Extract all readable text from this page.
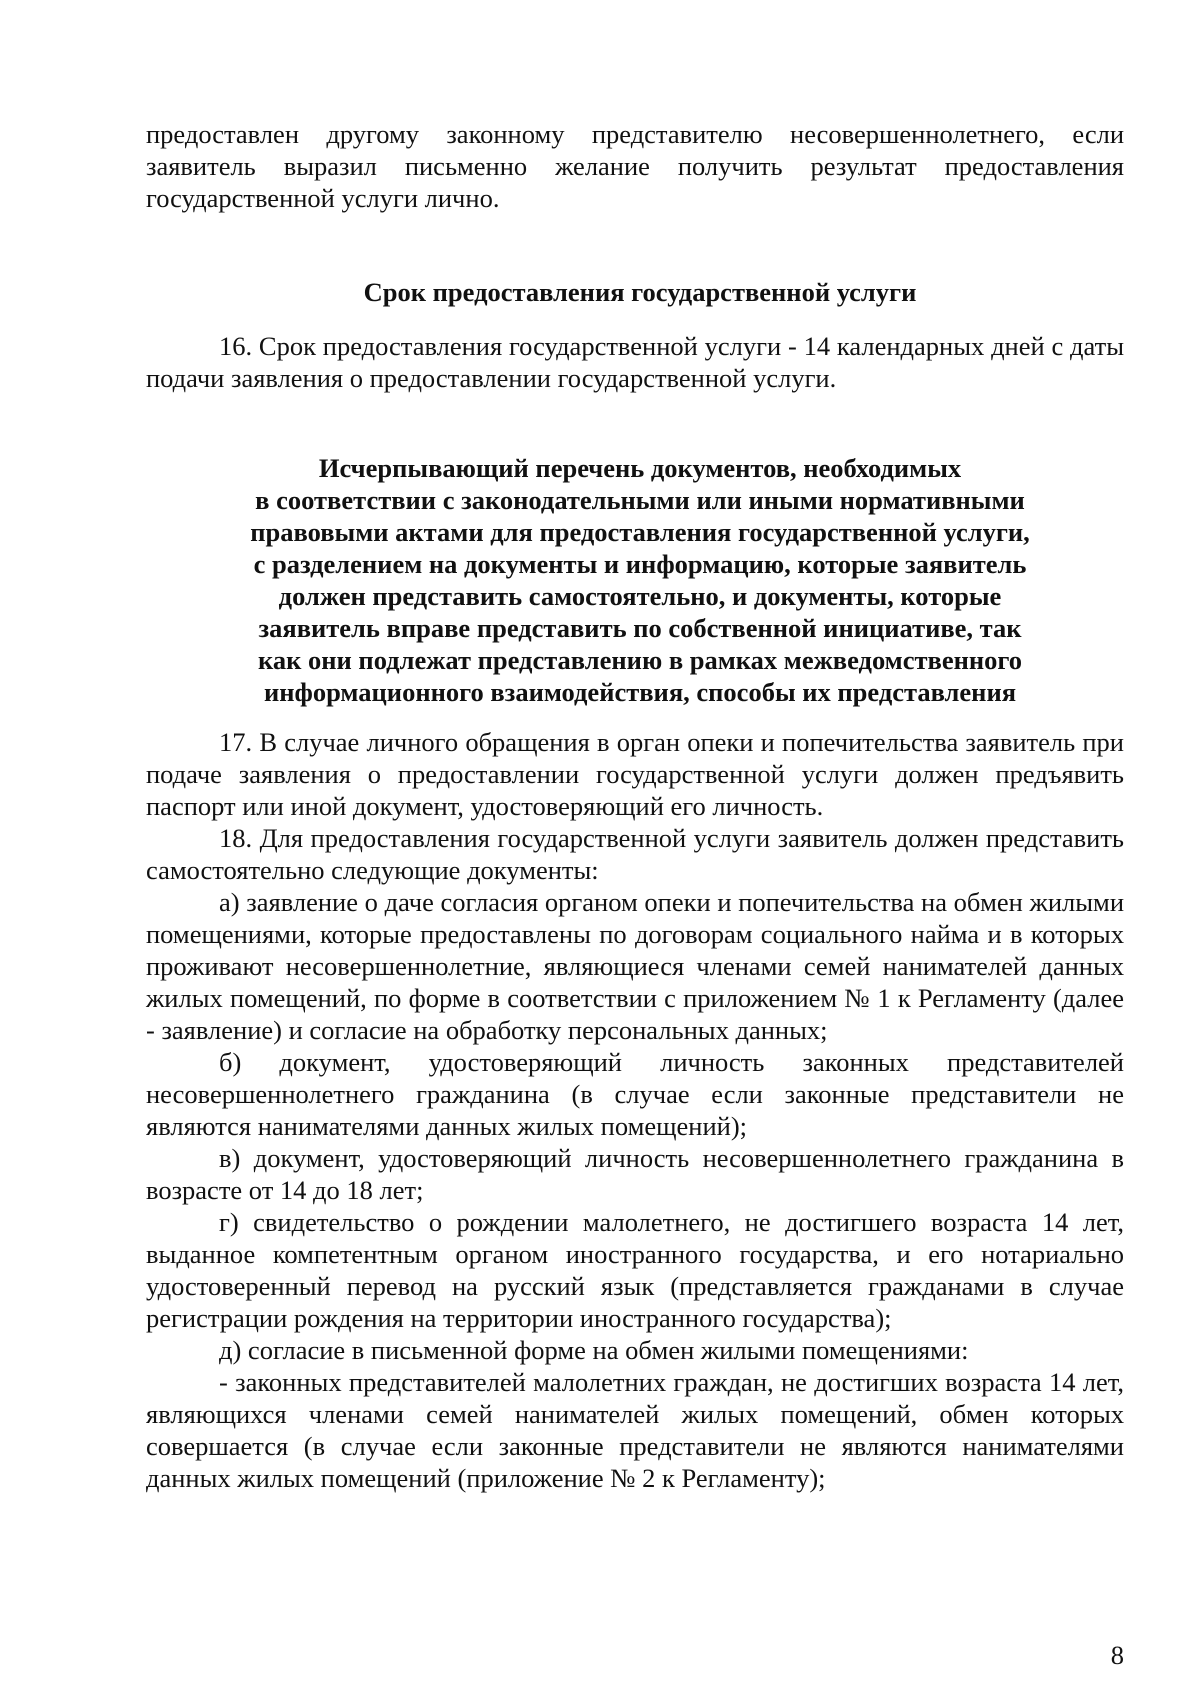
предоставлен другому законному представителю несовершеннолетнего, если заявитель выразил письменно желание получить результат предоставления государственной услуги лично.

Срок предоставления государственной услуги

16. Срок предоставления государственной услуги - 14 календарных дней с даты подачи заявления о предоставлении государственной услуги.

Исчерпывающий перечень документов, необходимых
в соответствии с законодательными или иными нормативными
правовыми актами для предоставления государственной услуги,
с разделением на документы и информацию, которые заявитель
должен представить самостоятельно, и документы, которые
заявитель вправе представить по собственной инициативе, так
как они подлежат представлению в рамках межведомственного
информационного взаимодействия, способы их представления

17. В случае личного обращения в орган опеки и попечительства заявитель при подаче заявления о предоставлении государственной услуги должен предъявить паспорт или иной документ, удостоверяющий его личность.

18. Для предоставления государственной услуги заявитель должен представить самостоятельно следующие документы:

а) заявление о даче согласия органом опеки и попечительства на обмен жилыми помещениями, которые предоставлены по договорам социального найма и в которых проживают несовершеннолетние, являющиеся членами семей нанимателей данных жилых помещений, по форме в соответствии с приложением № 1 к Регламенту (далее - заявление) и согласие на обработку персональных данных;

б) документ, удостоверяющий личность законных представителей несовершеннолетнего гражданина (в случае если законные представители не являются нанимателями данных жилых помещений);

в) документ, удостоверяющий личность несовершеннолетнего гражданина в возрасте от 14 до 18 лет;

г) свидетельство о рождении малолетнего, не достигшего возраста 14 лет, выданное компетентным органом иностранного государства, и его нотариально удостоверенный перевод на русский язык (представляется гражданами в случае регистрации рождения на территории иностранного государства);

д) согласие в письменной форме на обмен жилыми помещениями:

- законных представителей малолетних граждан, не достигших возраста 14 лет, являющихся членами семей нанимателей жилых помещений, обмен которых совершается (в случае если законные представители не являются нанимателями данных жилых помещений (приложение № 2 к Регламенту);

8
